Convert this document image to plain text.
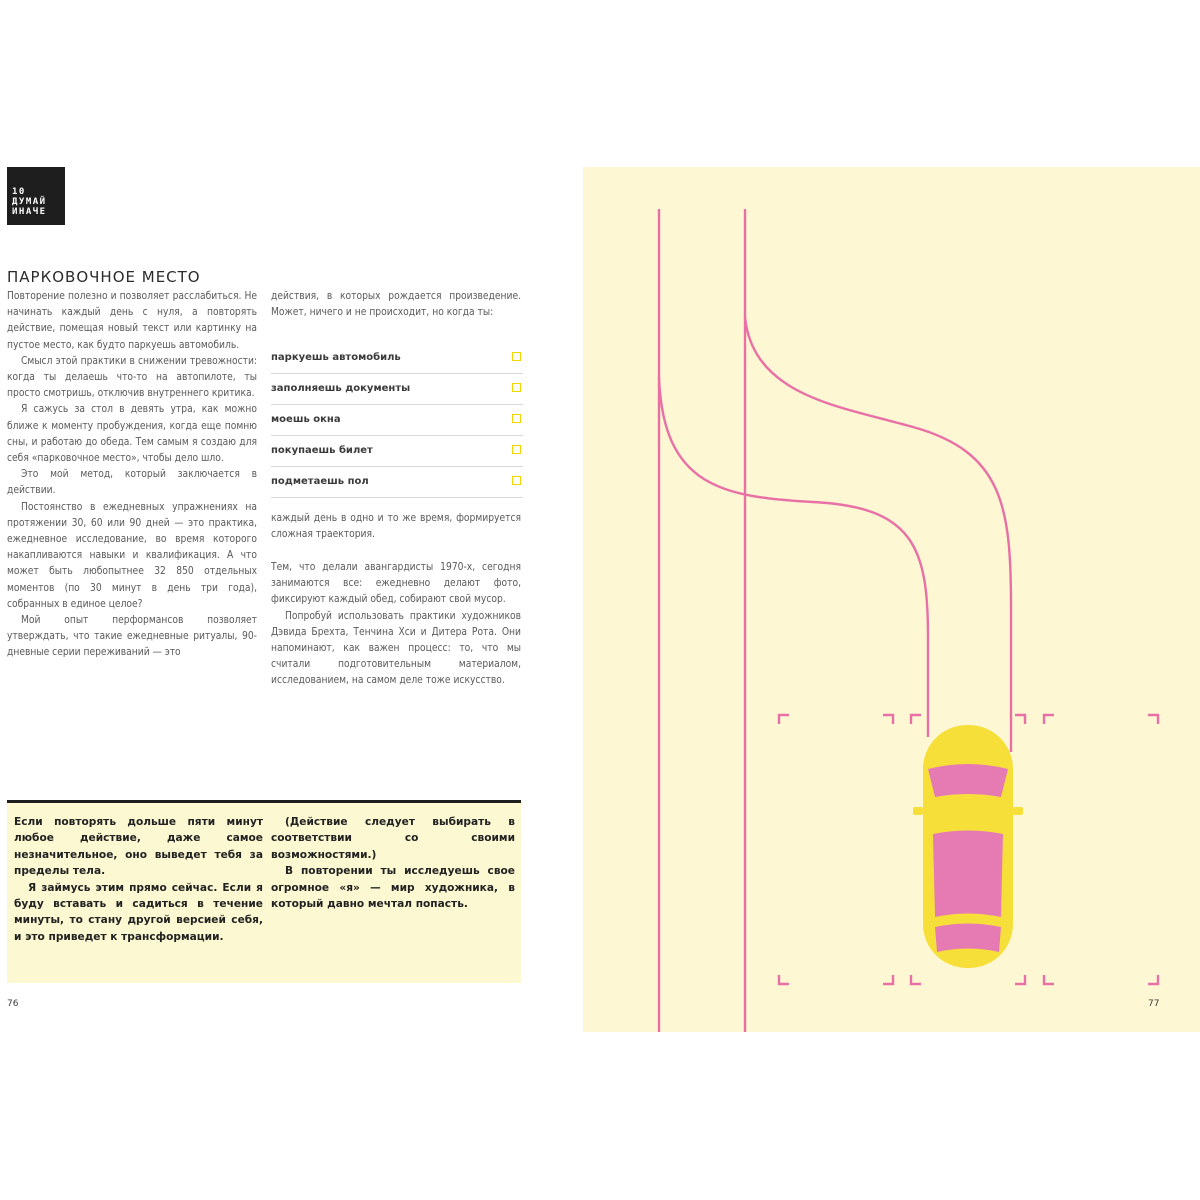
10
ДУМАЙ
ИНАЧЕ
ПАРКОВОЧНОЕ МЕСТО

Повторение полезно и позволяет расслабиться. Не начинать каждый день с нуля, а повторять действие, помещая новый текст или картинку на пустое место, как будто паркуешь автомобиль.

Смысл этой практики в снижении тревожности: когда ты делаешь что-то на автопилоте, ты просто смотришь, отключив внутреннего критика.

Я сажусь за стол в девять утра, как можно ближе к моменту пробуждения, когда еще помню сны, и работаю до обеда. Тем самым я создаю для себя «парковочное место», чтобы дело шло.

Это мой метод, который заключается в действии.

Постоянство в ежедневных упражнениях на протяжении 30, 60 или 90 дней — это практика, ежедневное исследование, во время которого накапливаются навыки и квалификация. А что может быть любопытнее 32 850 отдельных моментов (по 30 минут в день три года), собранных в единое целое?

Мой опыт перформансов позволяет утверждать, что такие ежедневные ритуалы, 90-дневные серии переживаний — это

действия, в которых рождается произведение. Может, ничего и не происходит, но когда ты:

паркуешь автомобиль
заполняешь документы
моешь окна
покупаешь билет
подметаешь пол

каждый день в одно и то же время, формируется сложная траектория.

Тем, что делали авангардисты 1970-х, сегодня занимаются все: ежедневно делают фото, фиксируют каждый обед, собирают свой мусор.

Попробуй использовать практики художников Дэвида Брехта, Тенчина Хси и Дитера Рота. Они напоминают, как важен процесс: то, что мы считали подготовительным материалом, исследованием, на самом деле тоже искусство.

Если повторять дольше пяти минут любое действие, даже самое незначительное, оно выведет тебя за пределы тела.

Я займусь этим прямо сейчас. Если я буду вставать и садиться в течение минуты, то стану другой версией себя, и это приведет к трансформации.

(Действие следует выбирать в соответствии со своими возможностями.)

В повторении ты исследуешь свое огромное «я» — мир художника, в который давно мечтал попасть.

76	77
